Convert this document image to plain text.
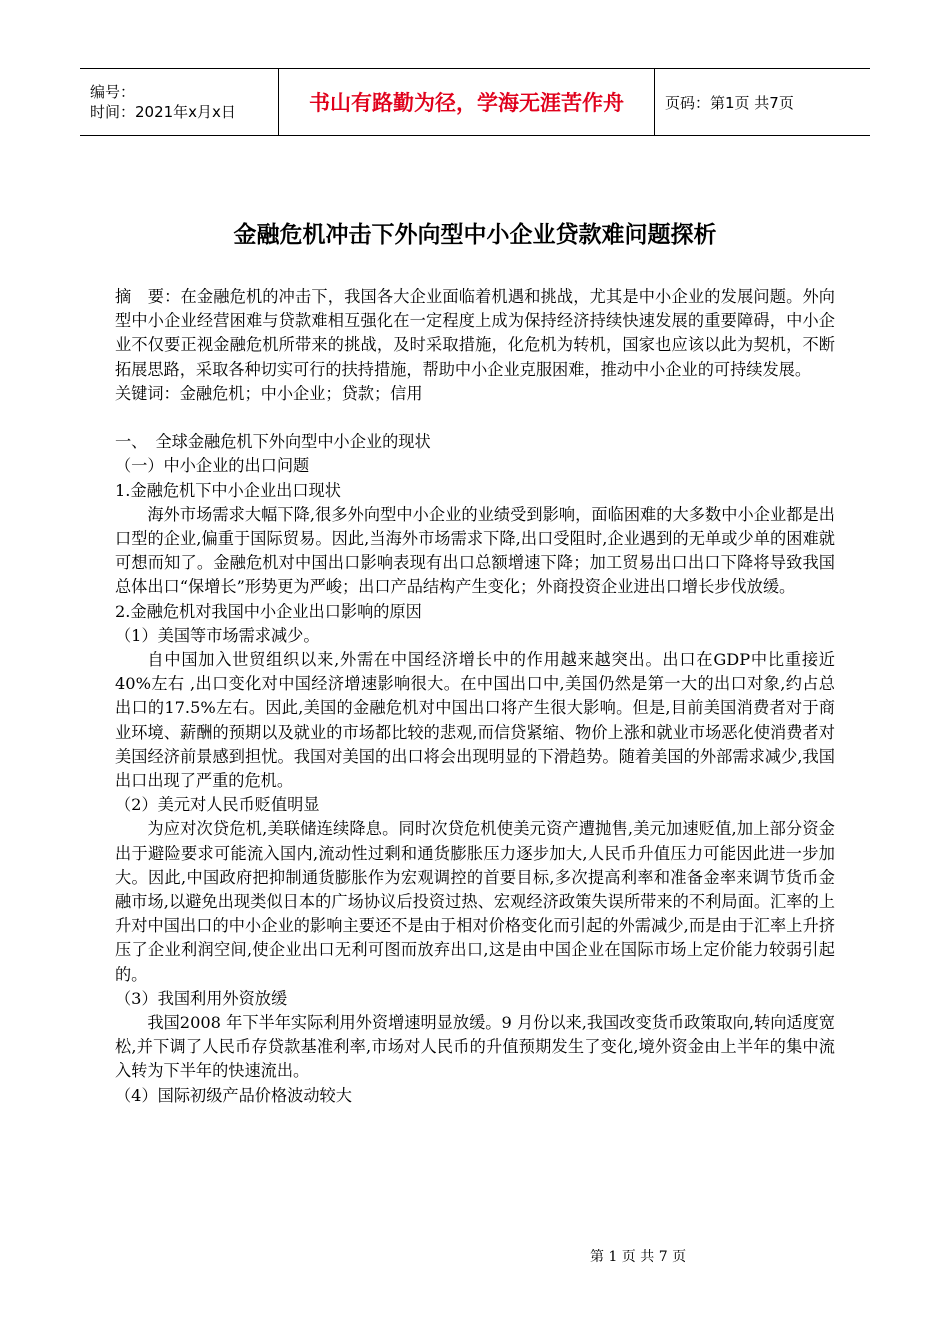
编号：
时间：2021年x月x日	书山有路勤为径，学海无涯苦作舟	页码：第1页 共7页
金融危机冲击下外向型中小企业贷款难问题探析

摘　要：在金融危机的冲击下，我国各大企业面临着机遇和挑战，尤其是中小企业的发展问题。外向型中小企业经营困难与贷款难相互强化在一定程度上成为保持经济持续快速发展的重要障碍，中小企业不仅要正视金融危机所带来的挑战，及时采取措施，化危机为转机，国家也应该以此为契机，不断拓展思路，采取各种切实可行的扶持措施，帮助中小企业克服困难，推动中小企业的可持续发展。

关键词：金融危机；中小企业；贷款；信用

一、　全球金融危机下外向型中小企业的现状

（一）中小企业的出口问题

1.金融危机下中小企业出口现状

海外市场需求大幅下降,很多外向型中小企业的业绩受到影响，面临困难的大多数中小企业都是出口型的企业,偏重于国际贸易。因此,当海外市场需求下降,出口受阻时,企业遇到的无单或少单的困难就可想而知了。金融危机对中国出口影响表现有出口总额增速下降；加工贸易出口出口下降将导致我国总体出口“保增长”形势更为严峻；出口产品结构产生变化；外商投资企业进出口增长步伐放缓。

2.金融危机对我国中小企业出口影响的原因

（1）美国等市场需求减少。

自中国加入世贸组织以来,外需在中国经济增长中的作用越来越突出。出口在GDP中比重接近40%左右 ,出口变化对中国经济增速影响很大。在中国出口中,美国仍然是第一大的出口对象,约占总出口的17.5%左右。因此,美国的金融危机对中国出口将产生很大影响。但是,目前美国消费者对于商业环境、薪酬的预期以及就业的市场都比较的悲观,而信贷紧缩、物价上涨和就业市场恶化使消费者对美国经济前景感到担忧。我国对美国的出口将会出现明显的下滑趋势。随着美国的外部需求减少,我国出口出现了严重的危机。

（2）美元对人民币贬值明显

为应对次贷危机,美联储连续降息。同时次贷危机使美元资产遭抛售,美元加速贬值,加上部分资金出于避险要求可能流入国内,流动性过剩和通货膨胀压力逐步加大,人民币升值压力可能因此进一步加大。因此,中国政府把抑制通货膨胀作为宏观调控的首要目标,多次提高利率和准备金率来调节货币金融市场,以避免出现类似日本的广场协议后投资过热、宏观经济政策失误所带来的不利局面。汇率的上升对中国出口的中小企业的影响主要还不是由于相对价格变化而引起的外需减少,而是由于汇率上升挤压了企业利润空间,使企业出口无利可图而放弃出口,这是由中国企业在国际市场上定价能力较弱引起的。

（3）我国利用外资放缓

我国2008 年下半年实际利用外资增速明显放缓。9 月份以来,我国改变货币政策取向,转向适度宽松,并下调了人民币存贷款基准利率,市场对人民币的升值预期发生了变化,境外资金由上半年的集中流入转为下半年的快速流出。

（4）国际初级产品价格波动较大

第 1 页 共 7 页
